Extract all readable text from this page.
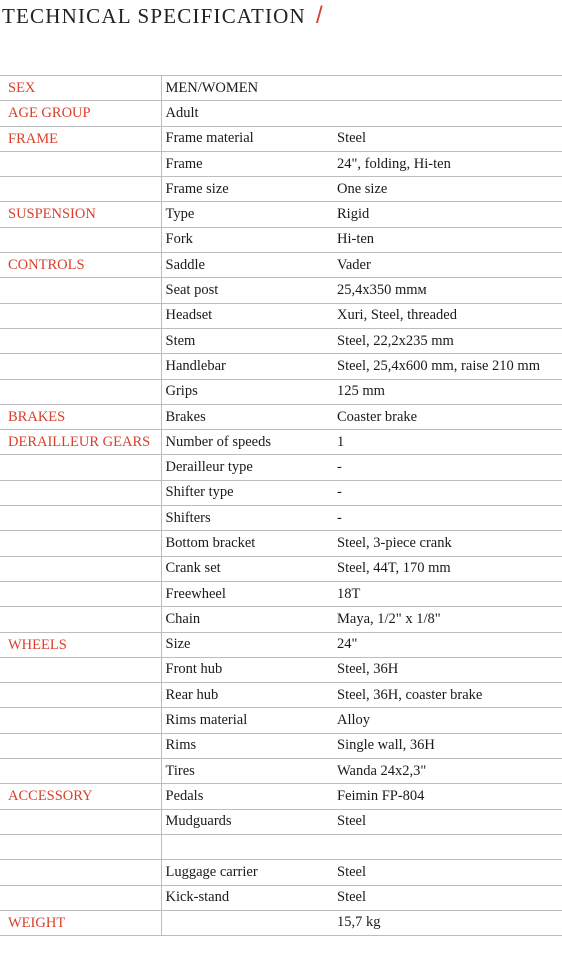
TECHNICAL SPECIFICATION /
SEX	MEN/WOMEN	
AGE GROUP	Adult	
FRAME	Frame material	Steel
	Frame	24", folding, Hi-ten
	Frame size	One size
SUSPENSION	Type	Rigid
	Fork	Hi-ten
CONTROLS	Saddle	Vader
	Seat post	25,4x350 mmм
	Headset	Xuri, Steel, threaded
	Stem	Steel, 22,2x235 mm
	Handlebar	Steel, 25,4x600 mm, raise 210 mm
	Grips	125 mm
BRAKES	Brakes	Coaster brake
DERAILLEUR GEARS	Number of speeds	1
	Derailleur type	-
	Shifter type	-
	Shifters	-
	Bottom bracket	Steel, 3-piece crank
	Crank set	Steel, 44T, 170 mm
	Freewheel	18T
	Chain	Maya, 1/2" x 1/8"
WHEELS	Size	24"
	Front hub	Steel, 36H
	Rear hub	Steel, 36H, coaster brake
	Rims material	Alloy
	Rims	Single wall, 36H
	Tires	Wanda 24x2,3"
ACCESSORY	Pedals	Feimin FP-804
	Mudguards	Steel

	Luggage carrier	Steel
	Kick-stand	Steel
WEIGHT		15,7 kg
